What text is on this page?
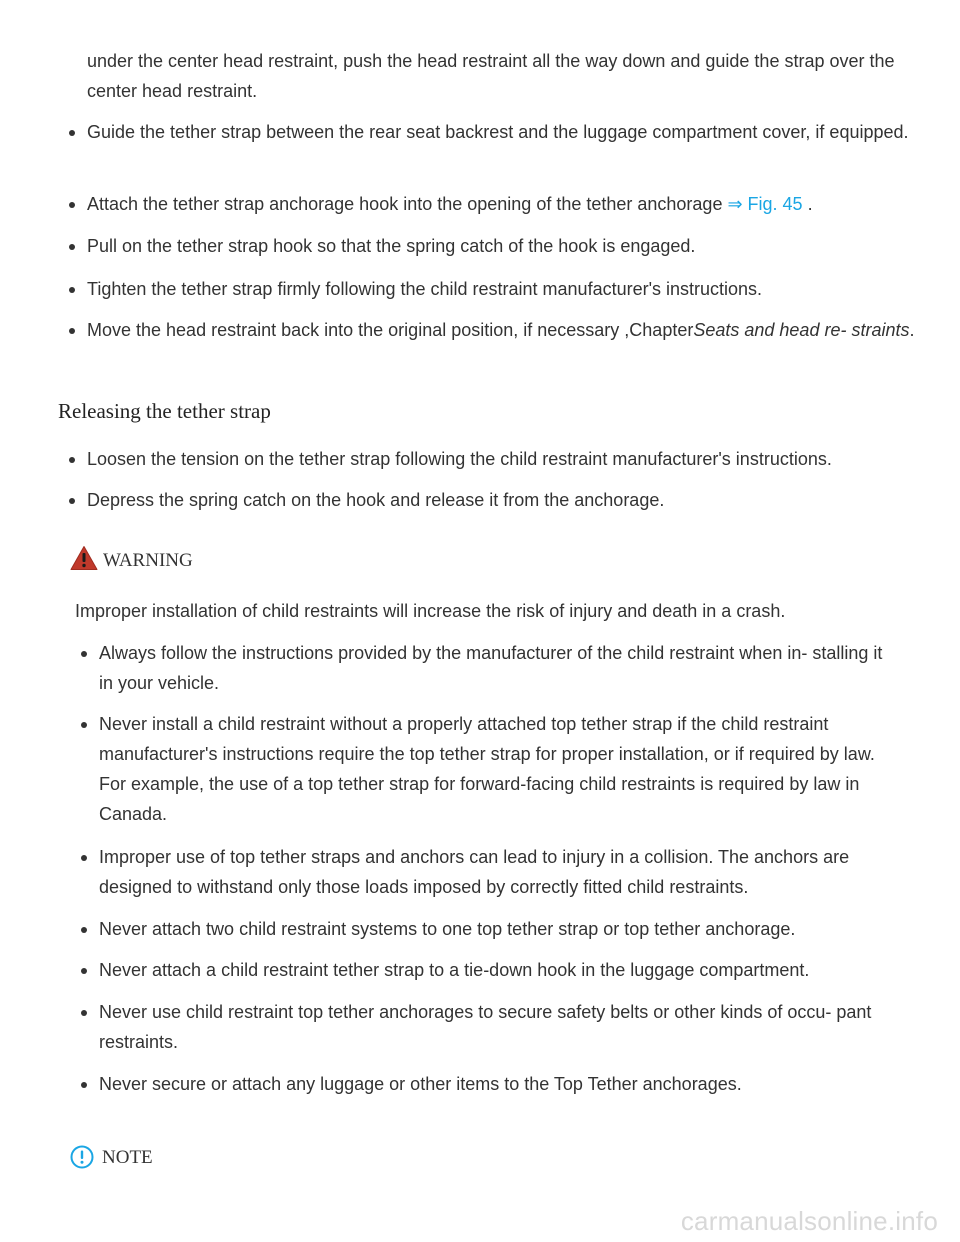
under the center head restraint, push the head restraint all the way down and guide the strap over the center head restraint.

Guide the tether strap between the rear seat backrest and the luggage compartment cover, if equipped.

Attach the tether strap anchorage hook into the opening of the tether anchorage ⇒ Fig. 45 .

Pull on the tether strap hook so that the spring catch of the hook is engaged.

Tighten the tether strap firmly following the child restraint manufacturer's instructions.

Move the head restraint back into the original position, if necessary ,ChapterSeats and head re- straints.

Releasing the tether strap

Loosen the tension on the tether strap following the child restraint manufacturer's instructions.

Depress the spring catch on the hook and release it from the anchorage.

WARNING

Improper installation of child restraints will increase the risk of injury and death in a crash.

Always follow the instructions provided by the manufacturer of the child restraint when in- stalling it in your vehicle.

Never install a child restraint without a properly attached top tether strap if the child restraint manufacturer's instructions require the top tether strap for proper installation, or if required by law. For example, the use of a top tether strap for forward-facing child restraints is required by law in Canada.

Improper use of top tether straps and anchors can lead to injury in a collision. The anchors are designed to withstand only those loads imposed by correctly fitted child restraints.

Never attach two child restraint systems to one top tether strap or top tether anchorage.

Never attach a child restraint tether strap to a tie-down hook in the luggage compartment.

Never use child restraint top tether anchorages to secure safety belts or other kinds of occu- pant restraints.

Never secure or attach any luggage or other items to the Top Tether anchorages.

NOTE
carmanualsonline.info
